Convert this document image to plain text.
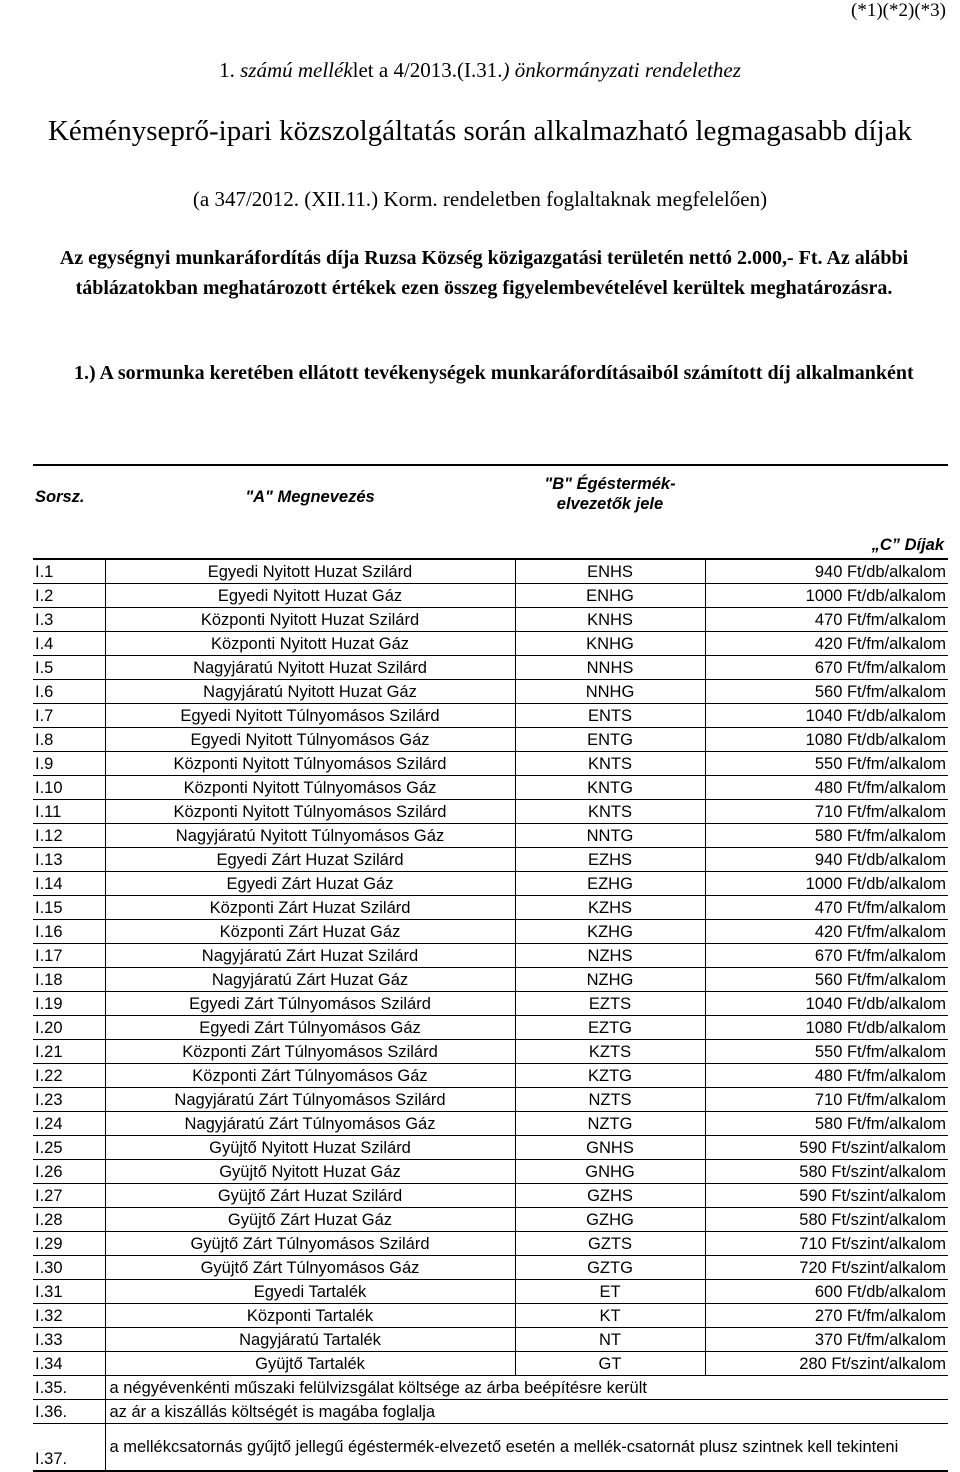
(*1)(*2)(*3)
1. számú melléklet a 4/2013.(I.31.) önkormányzati rendelethez
Kéményseprő-ipari közszolgáltatás során alkalmazható legmagasabb díjak
(a 347/2012. (XII.11.) Korm. rendeletben foglaltaknak megfelelően)
Az egységnyi munkaráfordítás díja Ruzsa Község közigazgatási területén nettó 2.000,- Ft. Az alábbi táblázatokban meghatározott értékek ezen összeg figyelembevételével kerültek meghatározásra.
1.) A sormunka keretében ellátott tevékenységek munkaráfordításaiból számított díj alkalmanként
Sorsz.	"A" Megnevezés	"B" Égéstermék-elvezetők jele	„C” Díjak
I.1	Egyedi Nyitott Huzat Szilárd	ENHS	940 Ft/db/alkalom
I.2	Egyedi Nyitott Huzat Gáz	ENHG	1000 Ft/db/alkalom
I.3	Központi Nyitott Huzat Szilárd	KNHS	470 Ft/fm/alkalom
I.4	Központi Nyitott Huzat Gáz	KNHG	420 Ft/fm/alkalom
I.5	Nagyjáratú Nyitott Huzat Szilárd	NNHS	670 Ft/fm/alkalom
I.6	Nagyjáratú Nyitott Huzat Gáz	NNHG	560 Ft/fm/alkalom
I.7	Egyedi Nyitott Túlnyomásos Szilárd	ENTS	1040 Ft/db/alkalom
I.8	Egyedi Nyitott Túlnyomásos Gáz	ENTG	1080 Ft/db/alkalom
I.9	Központi Nyitott Túlnyomásos Szilárd	KNTS	550 Ft/fm/alkalom
I.10	Központi Nyitott Túlnyomásos Gáz	KNTG	480 Ft/fm/alkalom
I.11	Központi Nyitott Túlnyomásos Szilárd	KNTS	710 Ft/fm/alkalom
I.12	Nagyjáratú Nyitott Túlnyomásos Gáz	NNTG	580 Ft/fm/alkalom
I.13	Egyedi Zárt Huzat Szilárd	EZHS	940 Ft/db/alkalom
I.14	Egyedi Zárt Huzat Gáz	EZHG	1000 Ft/db/alkalom
I.15	Központi Zárt Huzat Szilárd	KZHS	470 Ft/fm/alkalom
I.16	Központi Zárt Huzat Gáz	KZHG	420 Ft/fm/alkalom
I.17	Nagyjáratú Zárt Huzat Szilárd	NZHS	670 Ft/fm/alkalom
I.18	Nagyjáratú Zárt Huzat Gáz	NZHG	560 Ft/fm/alkalom
I.19	Egyedi Zárt Túlnyomásos Szilárd	EZTS	1040 Ft/db/alkalom
I.20	Egyedi Zárt Túlnyomásos Gáz	EZTG	1080 Ft/db/alkalom
I.21	Központi Zárt Túlnyomásos Szilárd	KZTS	550 Ft/fm/alkalom
I.22	Központi Zárt Túlnyomásos Gáz	KZTG	480 Ft/fm/alkalom
I.23	Nagyjáratú Zárt Túlnyomásos Szilárd	NZTS	710 Ft/fm/alkalom
I.24	Nagyjáratú Zárt Túlnyomásos Gáz	NZTG	580 Ft/fm/alkalom
I.25	Gyüjtő Nyitott Huzat Szilárd	GNHS	590 Ft/szint/alkalom
I.26	Gyüjtő Nyitott Huzat Gáz	GNHG	580 Ft/szint/alkalom
I.27	Gyüjtő Zárt Huzat Szilárd	GZHS	590 Ft/szint/alkalom
I.28	Gyüjtő Zárt Huzat Gáz	GZHG	580 Ft/szint/alkalom
I.29	Gyüjtő Zárt Túlnyomásos Szilárd	GZTS	710 Ft/szint/alkalom
I.30	Gyüjtő Zárt Túlnyomásos Gáz	GZTG	720 Ft/szint/alkalom
I.31	Egyedi Tartalék	ET	600 Ft/db/alkalom
I.32	Központi Tartalék	KT	270 Ft/fm/alkalom
I.33	Nagyjáratú Tartalék	NT	370 Ft/fm/alkalom
I.34	Gyüjtő Tartalék	GT	280 Ft/szint/alkalom
I.35.	a négyévenkénti műszaki felülvizsgálat költsége az árba beépítésre került		
I.36.	az ár a kiszállás költségét is magába foglalja		
I.37.	a mellékcsatornás gyűjtő jellegű égéstermék-elvezető esetén a mellék-csatornát plusz szintnek kell tekinteni		
